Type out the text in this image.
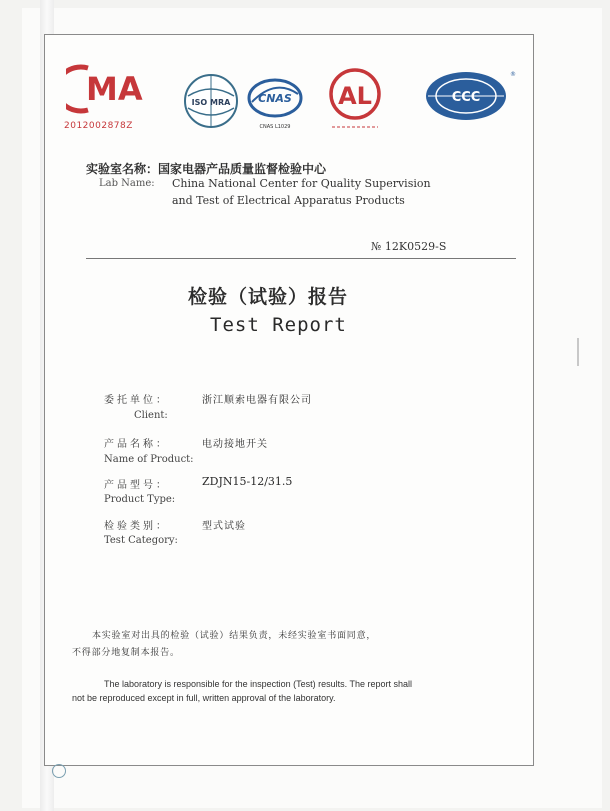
MA
2012002878Z
ISO MRA	CNAS
CNAS L1029
AL	CCC
®
实验室名称：国家电器产品质量监督检验中心
Lab Name: China National Center for Quality Supervision
and Test of Electrical Apparatus Products
№ 12K0529-S
检验（试验）报告
Test Report
委托单位：	浙江顺索电器有限公司
Client:
产品名称：	电动接地开关
Name of Product:
产品型号：	ZDJN15-12/31.5
Product Type:
检验类别：	型式试验
Test Category:
本实验室对出具的检验（试验）结果负责，未经实验室书面同意，
不得部分地复制本报告。
The laboratory is responsible for the inspection (Test) results. The report shall
not be reproduced except in full, written approval of the laboratory.
